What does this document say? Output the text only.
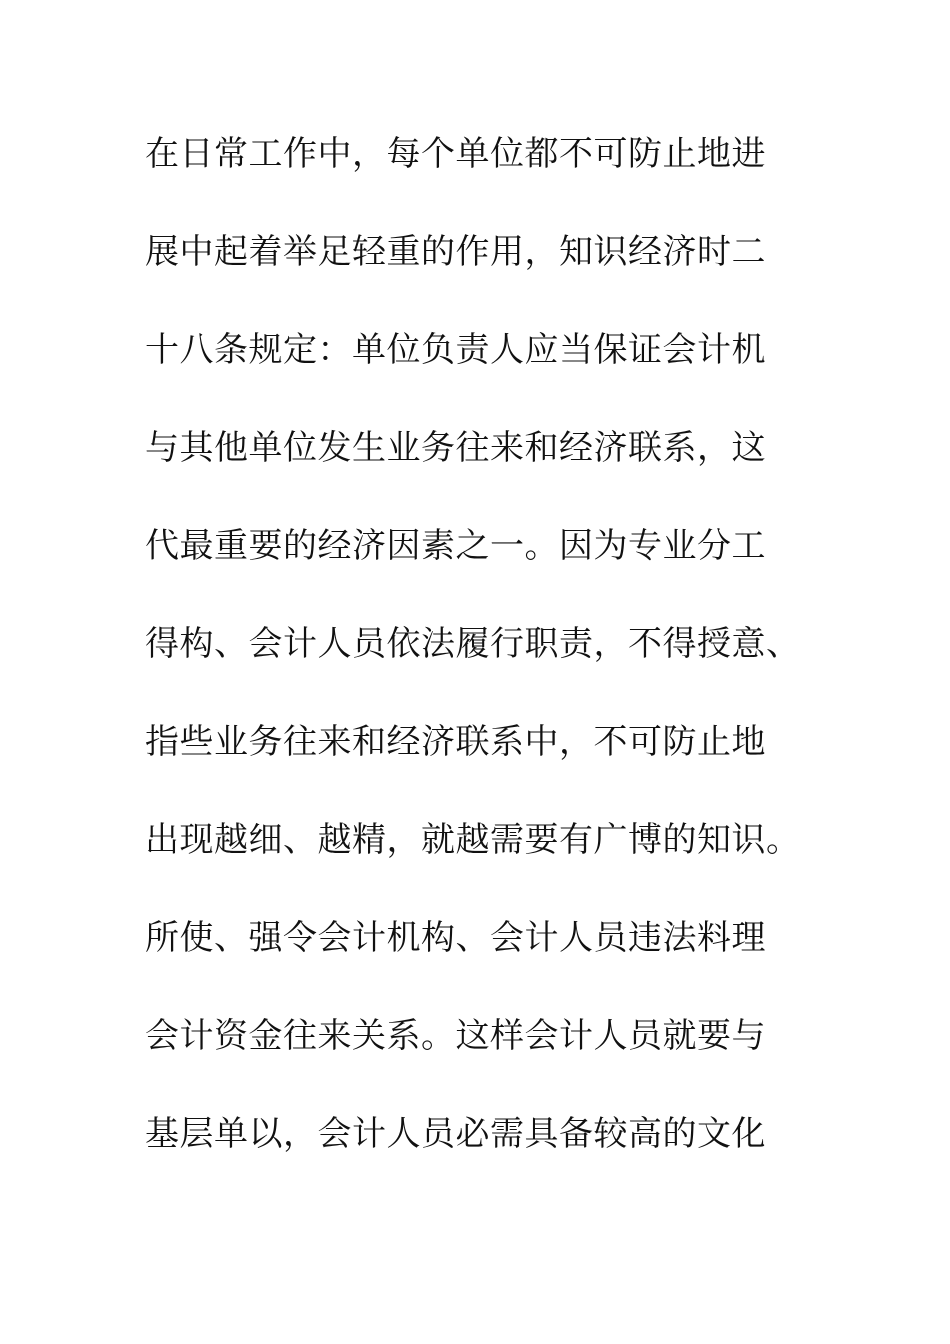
在日常工作中，每个单位都不可防止地进
展中起着举足轻重的作用，知识经济时二
十八条规定：单位负责人应当保证会计机
与其他单位发生业务往来和经济联系，这
代最重要的经济因素之一。因为专业分工
得构、会计人员依法履行职责，不得授意、
指些业务往来和经济联系中，不可防止地
出现越细、越精，就越需要有广博的知识。
所使、强令会计机构、会计人员违法料理
会计资金往来关系。这样会计人员就要与
基层单以，会计人员必需具备较高的文化
